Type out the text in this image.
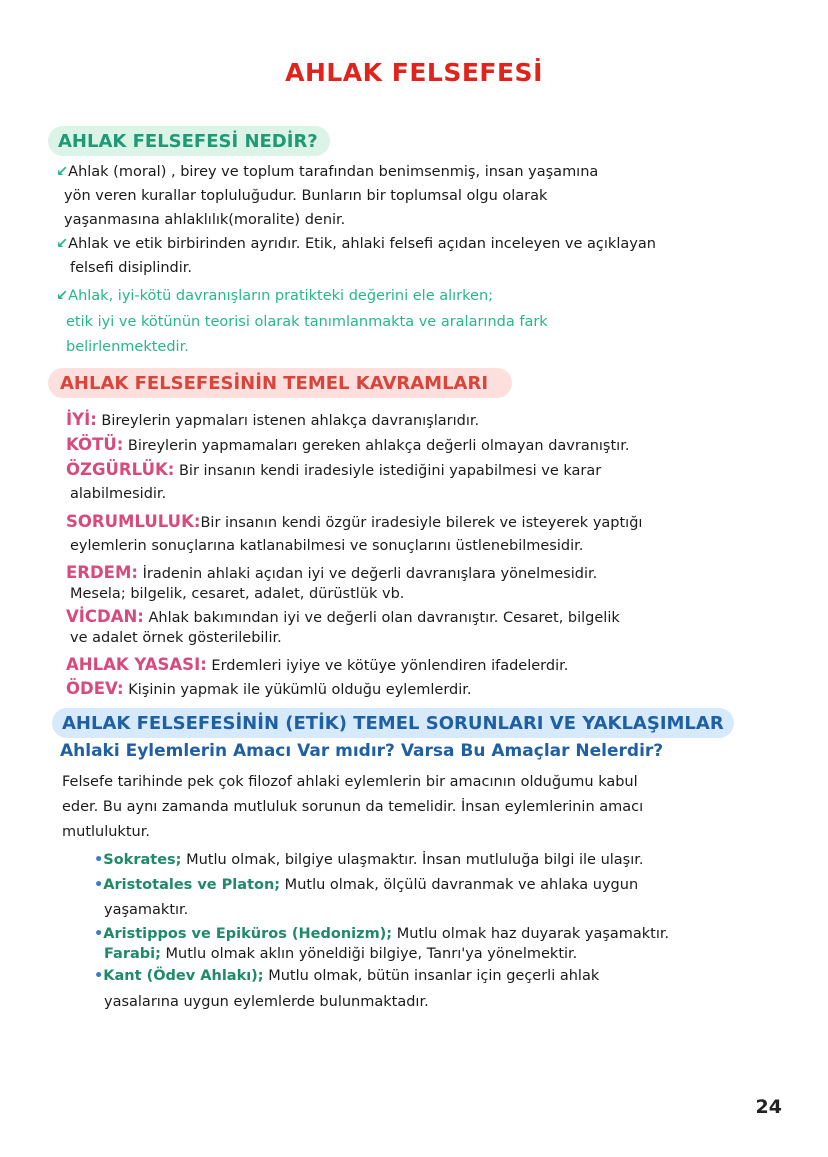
AHLAK FELSEFESİ
AHLAK FELSEFESİ NEDİR?
↙Ahlak (moral) , birey ve toplum tarafından benimsenmiş, insan yaşamına
yön veren kurallar topluluğudur. Bunların bir toplumsal olgu olarak
yaşanmasına ahlaklılık(moralite) denir.
↙Ahlak ve etik birbirinden ayrıdır. Etik, ahlaki felsefi açıdan inceleyen ve açıklayan
felsefi disiplindir.
↙Ahlak, iyi-kötü davranışların pratikteki değerini ele alırken;
etik iyi ve kötünün teorisi olarak tanımlanmakta ve aralarında fark
belirlenmektedir.
AHLAK FELSEFESİNİN TEMEL KAVRAMLARI
İYİ: Bireylerin yapmaları istenen ahlakça davranışlarıdır.
KÖTÜ: Bireylerin yapmamaları gereken ahlakça değerli olmayan davranıştır.
ÖZGÜRLÜK: Bir insanın kendi iradesiyle istediğini yapabilmesi ve karar
alabilmesidir.
SORUMLULUK:Bir insanın kendi özgür iradesiyle bilerek ve isteyerek yaptığı
eylemlerin sonuçlarına katlanabilmesi ve sonuçlarını üstlenebilmesidir.
ERDEM: İradenin ahlaki açıdan iyi ve değerli davranışlara yönelmesidir.
Mesela; bilgelik, cesaret, adalet, dürüstlük vb.
VİCDAN: Ahlak bakımından iyi ve değerli olan davranıştır. Cesaret, bilgelik
ve adalet örnek gösterilebilir.
AHLAK YASASI: Erdemleri iyiye ve kötüye yönlendiren ifadelerdir.
ÖDEV: Kişinin yapmak ile yükümlü olduğu eylemlerdir.
AHLAK FELSEFESİNİN (ETİK) TEMEL SORUNLARI VE YAKLAŞIMLAR
Ahlaki Eylemlerin Amacı Var mıdır? Varsa Bu Amaçlar Nelerdir?
Felsefe tarihinde pek çok filozof ahlaki eylemlerin bir amacının olduğumu kabul
eder. Bu aynı zamanda mutluluk sorunun da temelidir. İnsan eylemlerinin amacı
mutluluktur.
•Sokrates; Mutlu olmak, bilgiye ulaşmaktır. İnsan mutluluğa bilgi ile ulaşır.
•Aristotales ve Platon; Mutlu olmak, ölçülü davranmak ve ahlaka uygun
yaşamaktır.
•Aristippos ve Epiküros (Hedonizm); Mutlu olmak haz duyarak yaşamaktır.
Farabi; Mutlu olmak aklın yöneldiği bilgiye, Tanrı'ya yönelmektir.
•Kant (Ödev Ahlakı); Mutlu olmak, bütün insanlar için geçerli ahlak
yasalarına uygun eylemlerde bulunmaktadır.
24
